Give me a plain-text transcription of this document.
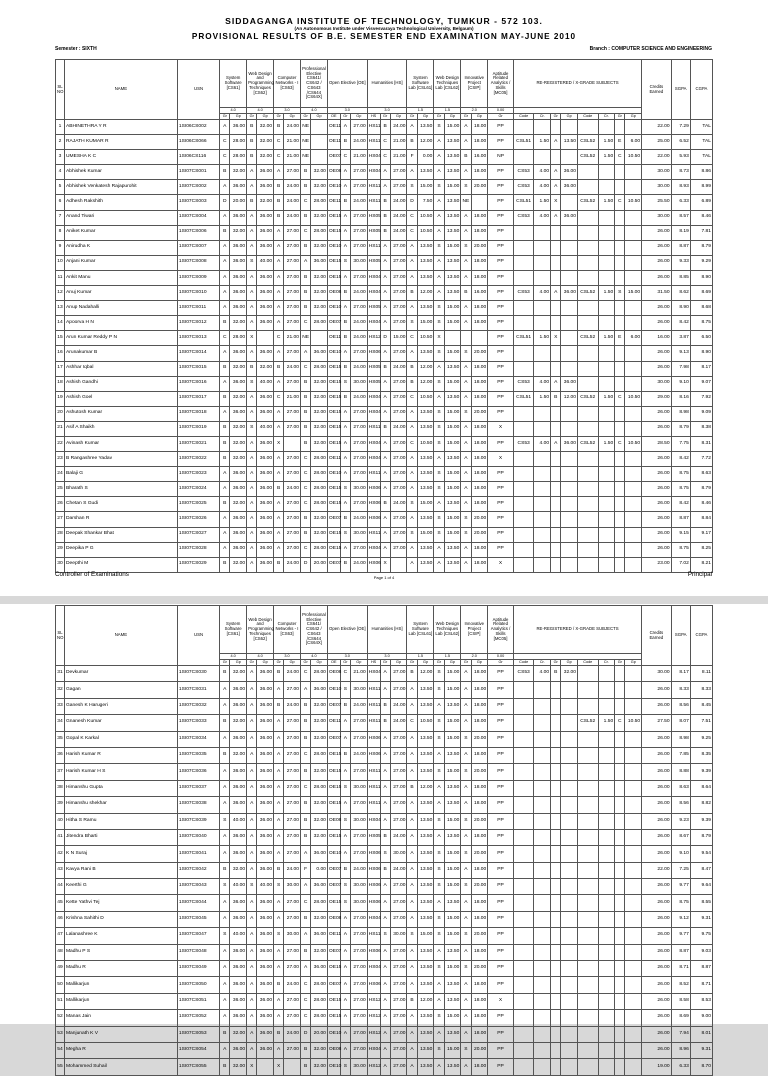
SIDDAGANGA INSTITUTE OF TECHNOLOGY, TUMKUR - 572 103.
(An Autonomous Institute under Visvesvaraya Technological University, Belgaum)
PROVISIONAL RESULTS OF B.E. SEMESTER END EXAMINATION MAY-JUNE 2010
Semester : SIXTH	Branch : COMPUTER SCIENCE AND ENGINEERING
SL NO	NAME	USN	System Software [CS61]		Web Design and Programming Techniques [CS62]		Computer Networks - I [CS63]		Professional Elective CS641/ CS642 / CS643 /CS644 [CS64X]		Open Elective [OE]			Humanities [HS]			System Software Lab [CSL61]		Web Design Techniques Lab [CSL62]		Innovative Project [CSIP]		Aptitude Related Analytics / Skills [MC05]	RE-REGISTERED / X-GRADE SUBJECTS								Credits Earned	SGPA	CGPA
			4.0		4.0		3.0		4.0		3.0			3.0			1.5		1.5		2.0		0.00											
			Gr	Gp	Gr	Gp	Gr	Gp	Gr	Gp	OE	Gr	Gp	HS	Gr	Gp	Gr	Gp	Gr	Gp	Gr	Gp	Gr	Code	Cr.	Gr	Gp	Code	Cr.	Gr	Gp			
1	ABHINETHRA Y R	1SI06CS002	A	36.00	B	32.00	B	24.00	NE		OE11	A	27.00	HS11	B	24.00	A	13.50	S	15.00	A	18.00	PP									22.00	7.29	TAL
2	RAJATH KUMAR R	1SI06CS066	C	28.00	B	32.00	C	21.00	NE		OE11	B	24.00	HS11	C	21.00	B	12.00	A	13.50	A	18.00	PP	CSL51	1.50	A	13.50	CSL52	1.50	E	6.00	25.00	6.52	TAL
3	UMESHA K C	1SI06CS116	C	28.00	B	32.00	C	21.00	NE		OE07	C	21.00	HS04	C	21.00	F	0.00	A	13.50	B	16.00	NP					CSL52	1.50	C	10.50	22.00	5.93	TAL
4	Abhishek Kumar	1SI07CS001	B	32.00	A	36.00	A	27.00	B	32.00	OE08	A	27.00	HS04	A	27.00	A	13.50	A	13.50	A	18.00	PP	CS53	4.00	A	36.00					30.00	8.73	8.86
5	Abhishek Venkatesh Rajapurohit	1SI07CS002	A	36.00	A	36.00	B	24.00	B	32.00	OE10	A	27.00	HS11	A	27.00	S	15.00	S	15.00	S	20.00	PP	CS53	4.00	A	36.00					30.00	8.93	8.99
6	Adhesh Rakshith	1SI07CS003	D	20.00	B	32.00	B	24.00	C	28.00	OE11	B	24.00	HS11	B	24.00	D	7.50	A	13.50	NE		PP	CSL51	1.50	X		CSL52	1.50	C	10.50	25.50	6.33	6.89
7	Anand Tiwari	1SI07CS004	A	36.00	A	36.00	B	24.00	B	32.00	OE15	A	27.00	HS05	B	24.00	C	10.50	A	13.50	A	18.00	PP	CS53	4.00	A	36.00					30.00	8.57	8.46
8	Aniket Kumar	1SI07CS006	B	32.00	A	36.00	A	27.00	C	28.00	OE15	A	27.00	HS05	B	24.00	C	10.50	A	13.50	A	18.00	PP									26.00	8.19	7.81
9	Anirudha K	1SI07CS007	A	36.00	A	36.00	A	27.00	B	32.00	OE10	A	27.00	HS11	A	27.00	A	13.50	S	15.00	S	20.00	PP									26.00	8.87	8.79
10	Anjani Kumar	1SI07CS008	A	36.00	S	40.00	A	27.00	A	36.00	OE15	S	30.00	HS05	A	27.00	A	13.50	A	13.50	A	18.00	PP									26.00	9.33	9.29
11	Ankit Manu	1SI07CS009	A	36.00	A	36.00	A	27.00	B	32.00	OE15	A	27.00	HS04	A	27.00	A	13.50	A	13.50	A	18.00	PP									26.00	8.85	8.90
12	Anuj Kumar	1SI07CS010	A	36.00	A	36.00	A	27.00	B	32.00	OE08	B	24.00	HS04	A	27.00	B	12.00	A	13.50	B	16.00	PP	CS53	4.00	A	36.00	CSL52	1.50	S	15.00	31.50	8.62	8.69
13	Anup Nadahalli	1SI07CS011	A	36.00	A	36.00	A	27.00	B	32.00	OE10	A	27.00	HS05	A	27.00	A	13.50	S	15.00	A	18.00	PP									26.00	8.90	8.68
14	Apoorva H N	1SI07CS012	B	32.00	A	36.00	A	27.00	C	28.00	OE07	B	24.00	HS04	A	27.00	S	15.00	S	15.00	A	18.00	PP									26.00	8.42	8.75
15	Arun Kumar Reddy P N	1SI07CS013	C	28.00	X		C	21.00	NE		OE11	B	24.00	HS12	D	15.00	C	10.50	X				PP	CSL51	1.50	X		CSL52	1.50	E	6.00	16.00	3.87	6.50
16	Arunakumar B	1SI07CS014	A	36.00	A	36.00	A	27.00	A	36.00	OE10	A	27.00	HS06	A	27.00	A	13.50	S	15.00	S	20.00	PP									26.00	9.13	8.90
17	Ashhar Iqbal	1SI07CS015	B	32.00	B	32.00	B	24.00	C	28.00	OE15	B	24.00	HS05	B	24.00	B	12.00	A	13.50	A	18.00	PP									26.00	7.98	8.17
18	Ashish Gandhi	1SI07CS016	A	36.00	S	40.00	A	27.00	B	32.00	OE15	S	30.00	HS05	A	27.00	B	12.00	S	15.00	A	18.00	PP	CS53	4.00	A	36.00					30.00	9.10	9.07
19	Ashish Goel	1SI07CS017	B	32.00	A	36.00	C	21.00	B	32.00	OE15	B	24.00	HS04	A	27.00	C	10.50	A	13.50	A	18.00	PP	CSL51	1.50	B	12.00	CSL52	1.50	C	10.50	29.00	8.16	7.92
20	Ashutosh Kumar	1SI07CS018	A	36.00	A	36.00	A	27.00	B	32.00	OE15	A	27.00	HS04	A	27.00	A	13.50	S	15.00	S	20.00	PP									26.00	8.98	9.09
21	Asif A Shaikh	1SI07CS019	B	32.00	S	40.00	A	27.00	B	32.00	OE15	A	27.00	HS11	B	24.00	A	13.50	S	15.00	A	18.00	X									26.00	8.79	8.38
22	Avinash Kumar	1SI07CS021	B	32.00	A	36.00	X		B	32.00	OE15	A	27.00	HS04	A	27.00	C	10.50	S	15.00	A	18.00	PP	CS53	4.00	A	36.00	CSL52	1.50	C	10.50	28.50	7.75	8.31
23	B Rangashree Yadav	1SI07CS022	B	32.00	A	36.00	A	27.00	C	28.00	OE11	A	27.00	HS04	A	27.00	A	13.50	A	13.50	A	18.00	X									26.00	8.42	7.72
24	Balaji G	1SI07CS023	A	36.00	A	36.00	A	27.00	C	28.00	OE10	A	27.00	HS11	A	27.00	A	13.50	S	15.00	A	18.00	PP									26.00	8.75	8.63
25	Bharath S	1SI07CS024	A	36.00	A	36.00	B	24.00	C	28.00	OE15	S	30.00	HS06	A	27.00	A	13.50	S	15.00	A	18.00	PP									26.00	8.75	8.79
26	Chetan S Gudi	1SI07CS025	B	32.00	A	36.00	A	27.00	C	28.00	OE15	A	27.00	HS06	B	24.00	S	15.00	A	13.50	A	18.00	PP									26.00	8.42	8.46
27	Darshan R	1SI07CS026	A	36.00	A	36.00	A	27.00	B	32.00	OE07	B	24.00	HS06	A	27.00	A	13.50	S	15.00	S	20.00	PP									26.00	8.87	8.84
28	Deepak Shankar Bhat	1SI07CS027	A	36.00	A	36.00	A	27.00	B	32.00	OE15	S	30.00	HS11	A	27.00	S	15.00	S	15.00	S	20.00	PP									26.00	9.15	9.17
29	Deepika P G	1SI07CS028	A	36.00	A	36.00	A	27.00	C	28.00	OE15	A	27.00	HS04	A	27.00	A	13.50	A	13.50	A	18.00	PP									26.00	8.75	8.25
30	Deepthi M	1SI07CS029	B	32.00	A	36.00	B	24.00	D	20.00	OE07	B	24.00	HS06	X		A	13.50	A	13.50	A	18.00	X									23.00	7.02	8.21
Controller of Examinations	Page 1 of 4	Principal
SL NO	NAME	USN	System Software [CS61]		Web Design and Programming Techniques [CS62]		Computer Networks - I [CS63]		Professional Elective CS641/ CS642 / CS643 /CS644 [CS64X]		Open Elective [OE]			Humanities [HS]			System Software Lab [CSL61]		Web Design Techniques Lab [CSL62]		Innovative Project [CSIP]		Aptitude Related Analytics / Skills [MC05]	RE-REGISTERED / X-GRADE SUBJECTS								Credits Earned	SGPA	CGPA
			4.0		4.0		3.0		4.0		3.0			3.0			1.5		1.5		2.0		0.00											
			Gr	Gp	Gr	Gp	Gr	Gp	Gr	Gp	OE	Gr	Gp	HS	Gr	Gp	Gr	Gp	Gr	Gp	Gr	Gp	Gr	Code	Cr.	Gr	Gp	Code	Cr.	Gr	Gp			
31	Devkumar	1SI07CS030	B	32.00	A	36.00	B	24.00	C	28.00	OE08	C	21.00	HS04	A	27.00	B	12.00	S	15.00	A	18.00	PP	CS53	4.00	B	32.00					30.00	8.17	8.11
32	Gagan	1SI07CS031	A	36.00	A	36.00	A	27.00	A	36.00	OE10	S	30.00	HS11	A	27.00	A	13.50	S	15.00	A	18.00	PP									26.00	8.33	8.33
33	Ganesh K Harugeri	1SI07CS032	A	36.00	A	36.00	B	24.00	B	32.00	OE07	B	24.00	HS11	B	24.00	A	13.50	A	13.50	A	18.00	PP									26.00	8.56	8.45
34	Gnanesh Kumar	1SI07CS033	B	32.00	A	36.00	A	27.00	B	32.00	OE11	A	27.00	HS11	B	24.00	C	10.50	S	15.00	A	18.00	PP					CSL52	1.50	C	10.50	27.50	8.07	7.51
35	Gopal K Karkal	1SI07CS034	A	36.00	A	36.00	A	27.00	B	32.00	OE07	A	27.00	HS06	A	27.00	A	13.50	S	15.00	S	20.00	PP									26.00	8.98	9.25
36	Harish Kumar R	1SI07CS035	B	32.00	A	36.00	A	27.00	C	28.00	OE15	B	24.00	HS06	A	27.00	A	13.50	A	13.50	A	18.00	PP									26.00	7.85	8.35
37	Harish Kumar H S	1SI07CS036	A	36.00	A	36.00	A	27.00	B	32.00	OE15	A	27.00	HS11	A	27.00	A	13.50	S	15.00	S	20.00	PP									26.00	8.88	9.39
38	Himanshu Gupta	1SI07CS037	A	36.00	A	36.00	A	27.00	C	28.00	OE15	S	30.00	HS11	A	27.00	B	12.00	A	13.50	A	18.00	PP									26.00	8.63	8.64
39	Himanshu shekhar	1SI07CS038	A	36.00	A	36.00	A	27.00	B	32.00	OE15	A	27.00	HS11	A	27.00	A	13.50	A	13.50	A	18.00	PP									26.00	8.56	8.82
40	Hitha S Ramu	1SI07CS039	S	40.00	A	36.00	A	27.00	B	32.00	OE08	S	30.00	HS04	A	27.00	A	13.50	S	15.00	S	20.00	PP									26.00	9.23	9.39
41	Jitendra Bharti	1SI07CS040	A	36.00	A	36.00	A	27.00	B	32.00	OE15	A	27.00	HS05	B	24.00	A	13.50	A	13.50	A	18.00	PP									26.00	8.67	8.79
42	K N Suraj	1SI07CS041	A	36.00	A	36.00	A	27.00	A	36.00	OE10	A	27.00	HS06	S	30.00	A	13.50	S	15.00	S	20.00	PP									26.00	9.10	9.54
43	Kavya Rani B	1SI07CS042	B	32.00	A	36.00	B	24.00	F	0.00	OE07	B	24.00	HS06	B	24.00	A	13.50	S	15.00	A	18.00	PP									22.00	7.25	8.47
44	Keerthi G	1SI07CS043	S	40.00	S	40.00	S	30.00	A	36.00	OE07	S	30.00	HS06	A	27.00	A	13.50	S	15.00	S	20.00	PP									26.00	9.77	9.64
45	Kette Yathvi Tej	1SI07CS044	A	36.00	A	36.00	A	27.00	C	28.00	OE15	S	30.00	HS06	A	27.00	A	13.50	A	13.50	A	18.00	PP									26.00	8.75	8.55
46	Krishna Sahithi D	1SI07CS045	A	36.00	A	36.00	A	27.00	B	32.00	OE08	A	27.00	HS04	A	27.00	A	13.50	S	15.00	A	18.00	PP									26.00	9.12	9.31
47	Lalanashree K	1SI07CS047	S	40.00	A	36.00	S	30.00	A	36.00	OE11	A	27.00	HS11	S	30.00	S	15.00	S	15.00	S	20.00	PP									26.00	9.77	9.75
48	Madhu P S	1SI07CS048	A	36.00	A	36.00	A	27.00	B	32.00	OE07	A	27.00	HS06	A	27.00	A	13.50	A	13.50	A	18.00	PP									26.00	8.87	9.03
49	Madhu R	1SI07CS049	A	36.00	A	36.00	A	27.00	A	36.00	OE15	A	27.00	HS04	A	27.00	A	13.50	S	15.00	S	20.00	PP									26.00	8.71	8.87
50	Mallikarjun	1SI07CS050	A	36.00	A	36.00	B	24.00	C	28.00	OE07	A	27.00	HS06	A	27.00	A	13.50	A	13.50	A	18.00	PP									26.00	8.52	8.71
51	Mallikarjun	1SI07CS051	A	36.00	A	36.00	A	27.00	C	28.00	OE15	A	27.00	HS12	A	27.00	B	12.00	A	13.50	A	18.00	X									26.00	8.58	8.53
52	Manas Jain	1SI07CS052	A	36.00	A	36.00	A	27.00	C	28.00	OE15	A	27.00	HS12	A	27.00	A	13.50	S	15.00	A	18.00	PP									26.00	8.69	9.00
53	Manjunath K V	1SI07CS053	B	32.00	A	36.00	B	24.00	D	20.00	OE10	A	27.00	HS12	A	27.00	A	13.50	A	13.50	A	18.00	PP									26.00	7.94	8.01
54	Megha R	1SI07CS054	A	36.00	A	36.00	A	27.00	B	32.00	OE08	A	27.00	HS04	A	27.00	A	13.50	S	15.00	S	20.00	PP									26.00	8.96	9.31
55	Mohammed Suhail	1SI07CS055	B	32.00	X		X		B	32.00	OE10	S	30.00	HS12	A	27.00	A	13.50	A	13.50	A	18.00	PP									19.00	6.33	8.70
